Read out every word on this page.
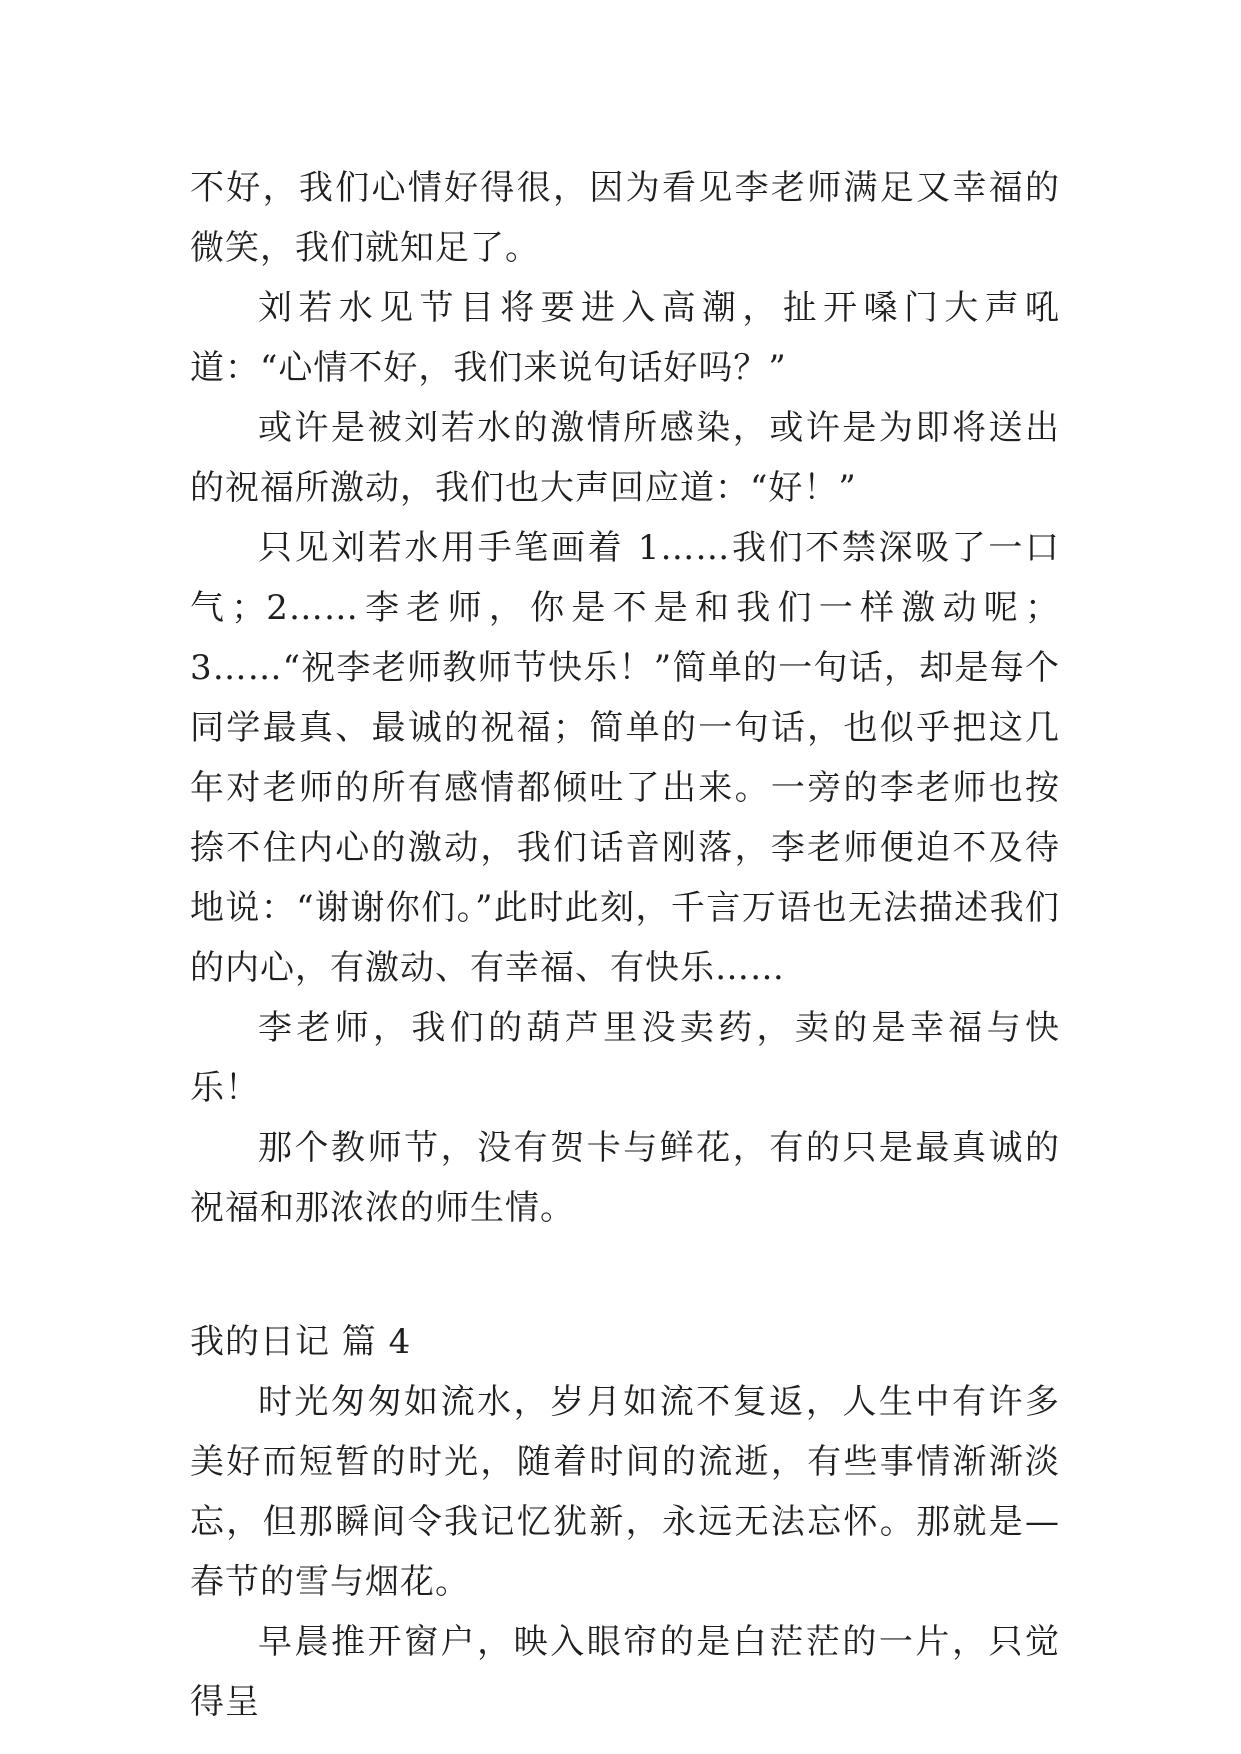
不好，我们心情好得很，因为看见李老师满足又幸福的微笑，我们就知足了。

刘若水见节目将要进入高潮，扯开嗓门大声吼道：“心情不好，我们来说句话好吗？”

或许是被刘若水的激情所感染，或许是为即将送出的祝福所激动，我们也大声回应道：“好！”

只见刘若水用手笔画着 1……我们不禁深吸了一口气；2……李老师，你是不是和我们一样激动呢；3……“祝李老师教师节快乐！”简单的一句话，却是每个同学最真、最诚的祝福；简单的一句话，也似乎把这几年对老师的所有感情都倾吐了出来。一旁的李老师也按捺不住内心的激动，我们话音刚落，李老师便迫不及待地说：“谢谢你们。”此时此刻，千言万语也无法描述我们的内心，有激动、有幸福、有快乐……

李老师，我们的葫芦里没卖药，卖的是幸福与快乐！

那个教师节，没有贺卡与鲜花，有的只是最真诚的祝福和那浓浓的师生情。

我的日记 篇 4

时光匆匆如流水，岁月如流不复返，人生中有许多美好而短暂的时光，随着时间的流逝，有些事情渐渐淡忘，但那瞬间令我记忆犹新，永远无法忘怀。那就是—春节的雪与烟花。

早晨推开窗户，映入眼帘的是白茫茫的一片，只觉得呈
